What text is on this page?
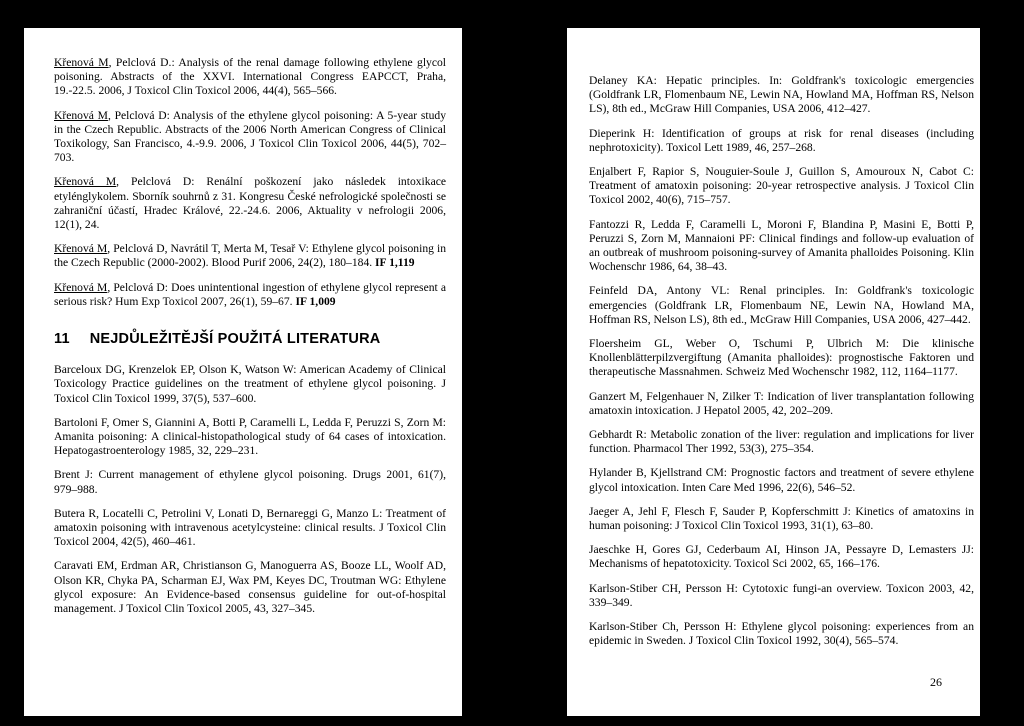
Křenová M, Pelclová D.: Analysis of the renal damage following ethylene glycol poisoning. Abstracts of the XXVI. International Congress EAPCCT, Praha, 19.-22.5. 2006, J Toxicol Clin Toxicol 2006, 44(4), 565–566.

Křenová M, Pelclová D: Analysis of the ethylene glycol poisoning: A 5-year study in the Czech Republic. Abstracts of the 2006 North American Congress of Clinical Toxikology, San Francisco, 4.-9.9. 2006, J Toxicol Clin Toxicol 2006, 44(5), 702–703.

Křenová M, Pelclová D: Renální poškození jako následek intoxikace etylénglykolem. Sborník souhrnů z 31. Kongresu České nefrologické společnosti se zahraniční účastí, Hradec Králové, 22.-24.6. 2006, Aktuality v nefrologii 2006, 12(1), 24.

Křenová M, Pelclová D, Navrátil T, Merta M, Tesař V: Ethylene glycol poisoning in the Czech Republic (2000-2002). Blood Purif 2006, 24(2), 180–184. IF 1,119

Křenová M, Pelclová D: Does unintentional ingestion of ethylene glycol represent a serious risk? Hum Exp Toxicol 2007, 26(1), 59–67. IF 1,009

11 NEJDŮLEŽITĚJŠÍ POUŽITÁ LITERATURA

Barceloux DG, Krenzelok EP, Olson K, Watson W: American Academy of Clinical Toxicology Practice guidelines on the treatment of ethylene glycol poisoning. J Toxicol Clin Toxicol 1999, 37(5), 537–600.

Bartoloni F, Omer S, Giannini A, Botti P, Caramelli L, Ledda F, Peruzzi S, Zorn M: Amanita poisoning: A clinical-histopathological study of 64 cases of intoxication. Hepatogastroenterology 1985, 32, 229–231.

Brent J: Current management of ethylene glycol poisoning. Drugs 2001, 61(7), 979–988.

Butera R, Locatelli C, Petrolini V, Lonati D, Bernareggi G, Manzo L: Treatment of amatoxin poisoning with intravenous acetylcysteine: clinical results. J Toxicol Clin Toxicol 2004, 42(5), 460–461.

Caravati EM, Erdman AR, Christianson G, Manoguerra AS, Booze LL, Woolf AD, Olson KR, Chyka PA, Scharman EJ, Wax PM, Keyes DC, Troutman WG: Ethylene glycol exposure: An Evidence-based consensus guideline for out-of-hospital management. J Toxicol Clin Toxicol 2005, 43, 327–345.

Delaney KA: Hepatic principles. In: Goldfrank's toxicologic emergencies (Goldfrank LR, Flomenbaum NE, Lewin NA, Howland MA, Hoffman RS, Nelson LS), 8th ed., McGraw Hill Companies, USA 2006, 412–427.

Dieperink H: Identification of groups at risk for renal diseases (including nephrotoxicity). Toxicol Lett 1989, 46, 257–268.

Enjalbert F, Rapior S, Nouguier-Soule J, Guillon S, Amouroux N, Cabot C: Treatment of amatoxin poisoning: 20-year retrospective analysis. J Toxicol Clin Toxicol 2002, 40(6), 715–757.

Fantozzi R, Ledda F, Caramelli L, Moroni F, Blandina P, Masini E, Botti P, Peruzzi S, Zorn M, Mannaioni PF: Clinical findings and follow-up evaluation of an outbreak of mushroom poisoning-survey of Amanita phalloides Poisoning. Klin Wochenschr 1986, 64, 38–43.

Feinfeld DA, Antony VL: Renal principles. In: Goldfrank's toxicologic emergencies (Goldfrank LR, Flomenbaum NE, Lewin NA, Howland MA, Hoffman RS, Nelson LS), 8th ed., McGraw Hill Companies, USA 2006, 427–442.

Floersheim GL, Weber O, Tschumi P, Ulbrich M: Die klinische Knollenblätterpilzvergiftung (Amanita phalloides): prognostische Faktoren und therapeutische Massnahmen. Schweiz Med Wochenschr 1982, 112, 1164–1177.

Ganzert M, Felgenhauer N, Zilker T: Indication of liver transplantation following amatoxin intoxication. J Hepatol 2005, 42, 202–209.

Gebhardt R: Metabolic zonation of the liver: regulation and implications for liver function. Pharmacol Ther 1992, 53(3), 275–354.

Hylander B, Kjellstrand CM: Prognostic factors and treatment of severe ethylene glycol intoxication. Inten Care Med 1996, 22(6), 546–52.

Jaeger A, Jehl F, Flesch F, Sauder P, Kopferschmitt J: Kinetics of amatoxins in human poisoning: J Toxicol Clin Toxicol 1993, 31(1), 63–80.

Jaeschke H, Gores GJ, Cederbaum AI, Hinson JA, Pessayre D, Lemasters JJ: Mechanisms of hepatotoxicity. Toxicol Sci 2002, 65, 166–176.

Karlson-Stiber CH, Persson H: Cytotoxic fungi-an overview. Toxicon 2003, 42, 339–349.

Karlson-Stiber Ch, Persson H: Ethylene glycol poisoning: experiences from an epidemic in Sweden. J Toxicol Clin Toxicol 1992, 30(4), 565–574.

26
